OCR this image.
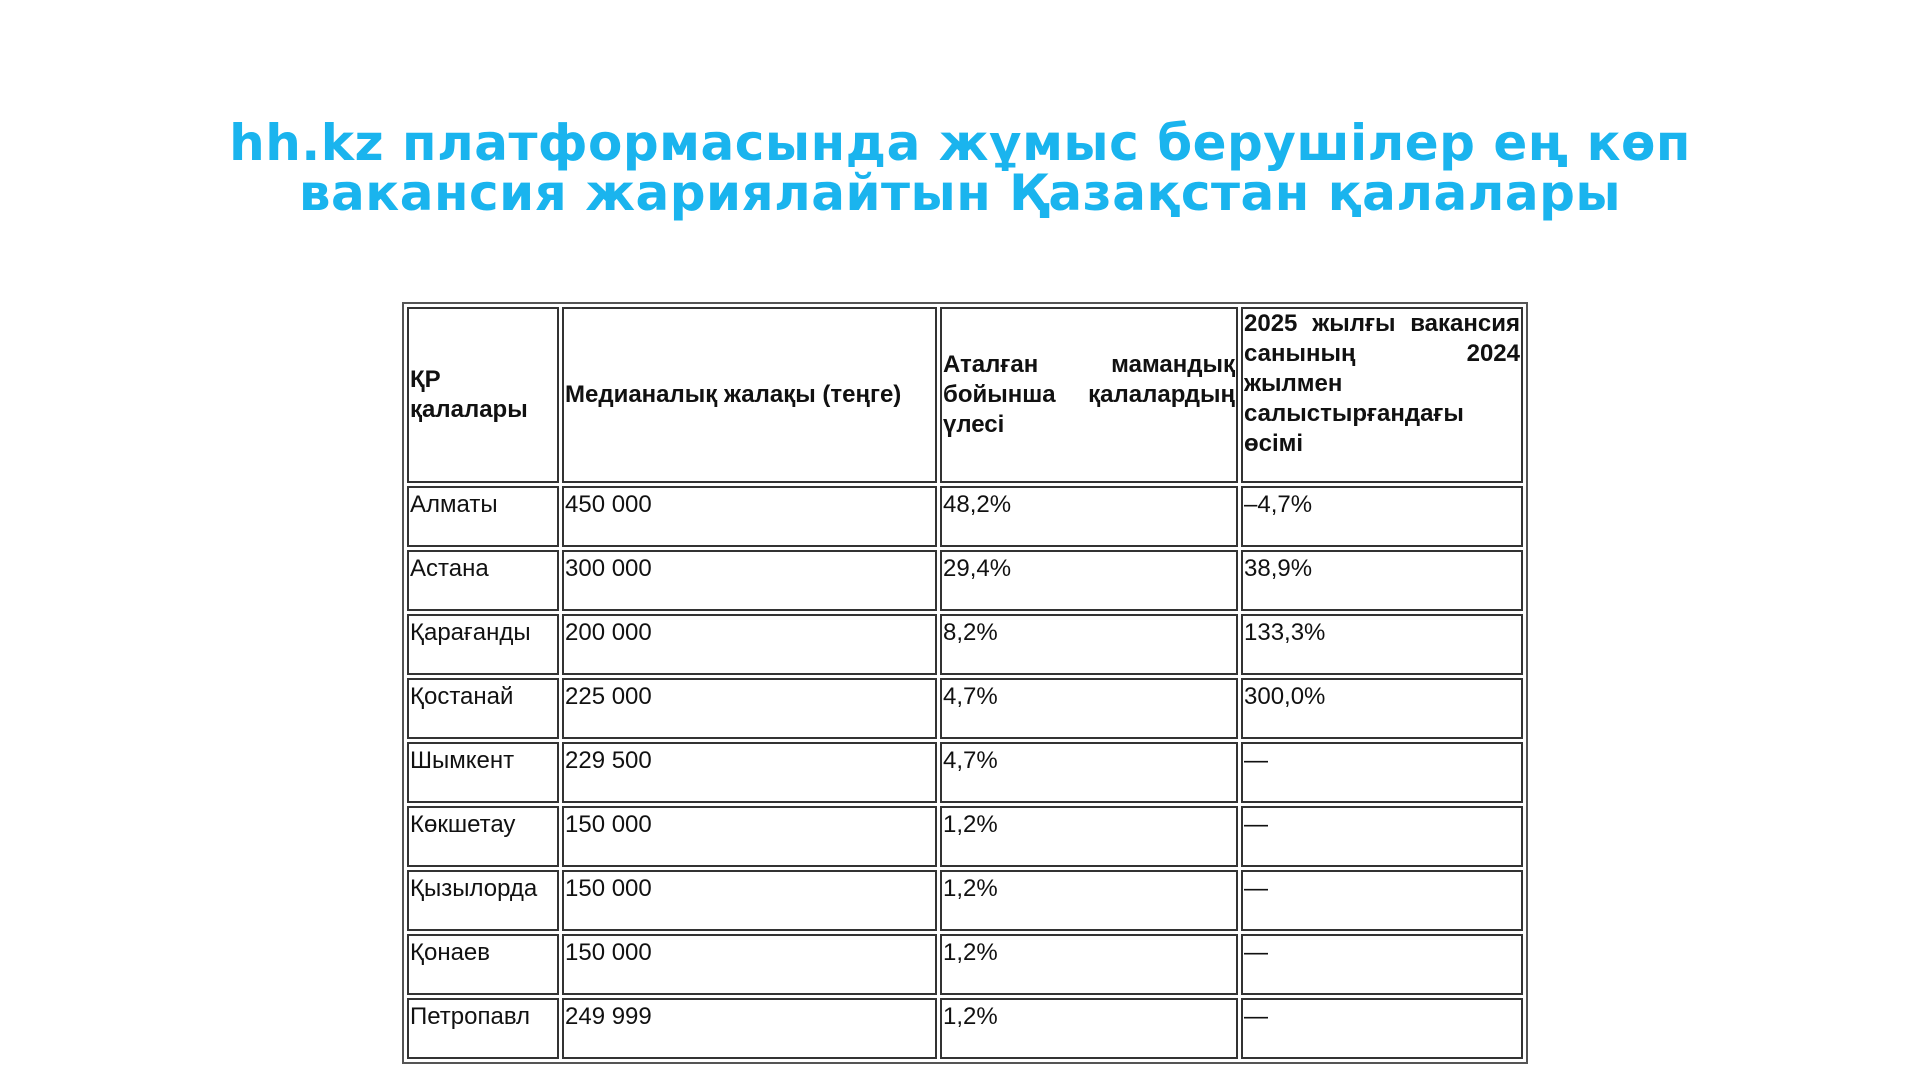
hh.kz платформасында жұмыс берушілер ең көп
вакансия жариялайтын Қазақстан қалалары
ҚР қалалары	Медианалық жалақы (теңге)	Аталған мамандық бойынша қалалардың үлесі	2025 жылғы вакансия санының 2024 жылмен салыстырғандағы өсімі
Алматы	450 000	48,2%	–4,7%
Астана	300 000	29,4%	38,9%
Қарағанды	200 000	8,2%	133,3%
Қостанай	225 000	4,7%	300,0%
Шымкент	229 500	4,7%	—
Көкшетау	150 000	1,2%	—
Қызылорда	150 000	1,2%	—
Қонаев	150 000	1,2%	—
Петропавл	249 999	1,2%	—
